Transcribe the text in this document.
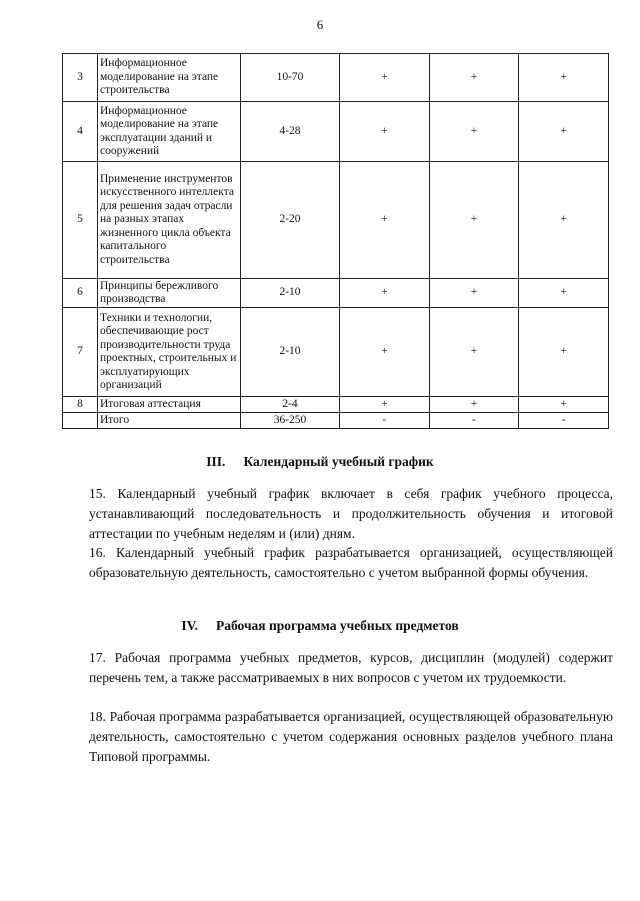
6
3	Информационное моделирование на этапе строительства	10-70	+	+	+
4	Информационное моделирование на этапе эксплуатации зданий и сооружений	4-28	+	+	+
5	Применение инструментов искусственного интеллекта для решения задач отрасли на разных этапах жизненного цикла объекта капитального строительства	2-20	+	+	+
6	Принципы бережливого производства	2-10	+	+	+
7	Техники и технологии, обеспечивающие рост производительности труда проектных, строительных и эксплуатирующих организаций	2-10	+	+	+
8	Итоговая аттестация	2-4	+	+	+
	Итого	36-250	-	-	-
III. Календарный учебный график

15. Календарный учебный график включает в себя график учебного процесса, устанавливающий последовательность и продолжительность обучения и итоговой аттестации по учебным неделям и (или) дням.

16. Календарный учебный график разрабатывается организацией, осуществляющей образовательную деятельность, самостоятельно с учетом выбранной формы обучения.

IV. Рабочая программа учебных предметов

17. Рабочая программа учебных предметов, курсов, дисциплин (модулей) содержит перечень тем, а также рассматриваемых в них вопросов с учетом их трудоемкости.

18. Рабочая программа разрабатывается организацией, осуществляющей образовательную деятельность, самостоятельно с учетом содержания основных разделов учебного плана Типовой программы.
